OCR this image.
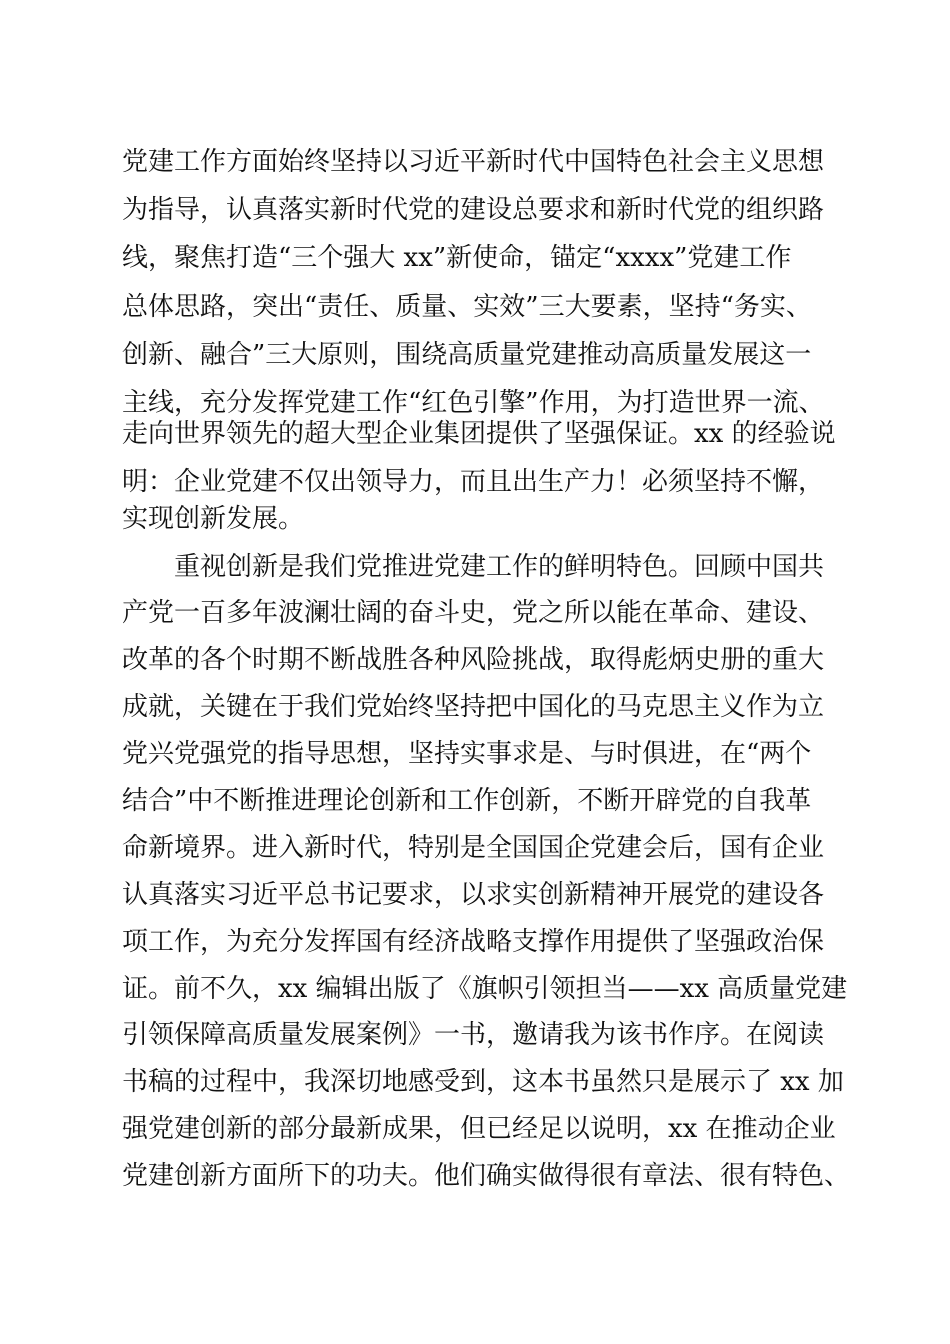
党建工作方面始终坚持以习近平新时代中国特色社会主义思想
为指导，认真落实新时代党的建设总要求和新时代党的组织路
线，聚焦打造“三个强大 xx”新使命，锚定“xxxx”党建工作
总体思路，突出“责任、质量、实效”三大要素，坚持“务实、
创新、融合”三大原则，围绕高质量党建推动高质量发展这一
主线，充分发挥党建工作“红色引擎”作用，为打造世界一流、
走向世界领先的超大型企业集团提供了坚强保证。xx 的经验说
明：企业党建不仅出领导力，而且出生产力！必须坚持不懈，
实现创新发展。
重视创新是我们党推进党建工作的鲜明特色。回顾中国共
产党一百多年波澜壮阔的奋斗史，党之所以能在革命、建设、
改革的各个时期不断战胜各种风险挑战，取得彪炳史册的重大
成就，关键在于我们党始终坚持把中国化的马克思主义作为立
党兴党强党的指导思想，坚持实事求是、与时俱进，在“两个
结合”中不断推进理论创新和工作创新，不断开辟党的自我革
命新境界。进入新时代，特别是全国国企党建会后，国有企业
认真落实习近平总书记要求，以求实创新精神开展党的建设各
项工作，为充分发挥国有经济战略支撑作用提供了坚强政治保
证。前不久，xx 编辑出版了《旗帜引领担当——xx 高质量党建
引领保障高质量发展案例》一书，邀请我为该书作序。在阅读
书稿的过程中，我深切地感受到，这本书虽然只是展示了 xx 加
强党建创新的部分最新成果，但已经足以说明，xx 在推动企业
党建创新方面所下的功夫。他们确实做得很有章法、很有特色、
